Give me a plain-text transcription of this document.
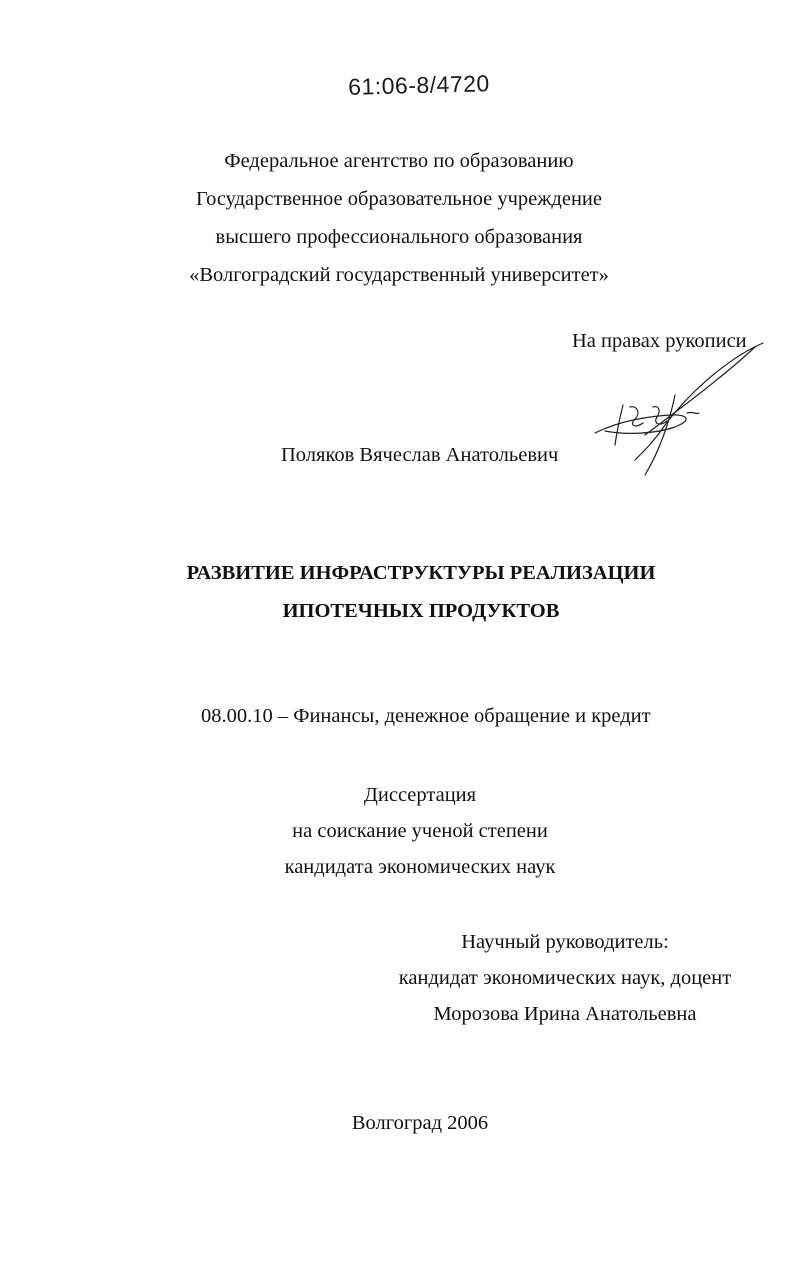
61:06-8/4720
Федеральное агентство по образованию
Государственное образовательное учреждение
высшего профессионального образования
«Волгоградский государственный университет»
На правах рукописи
Поляков Вячеслав Анатольевич
РАЗВИТИЕ ИНФРАСТРУКТУРЫ РЕАЛИЗАЦИИ
ИПОТЕЧНЫХ ПРОДУКТОВ
08.00.10 – Финансы, денежное обращение и кредит
Диссертация
на соискание ученой степени
кандидата экономических наук
Научный руководитель:
кандидат экономических наук, доцент
Морозова Ирина Анатольевна
Волгоград 2006
